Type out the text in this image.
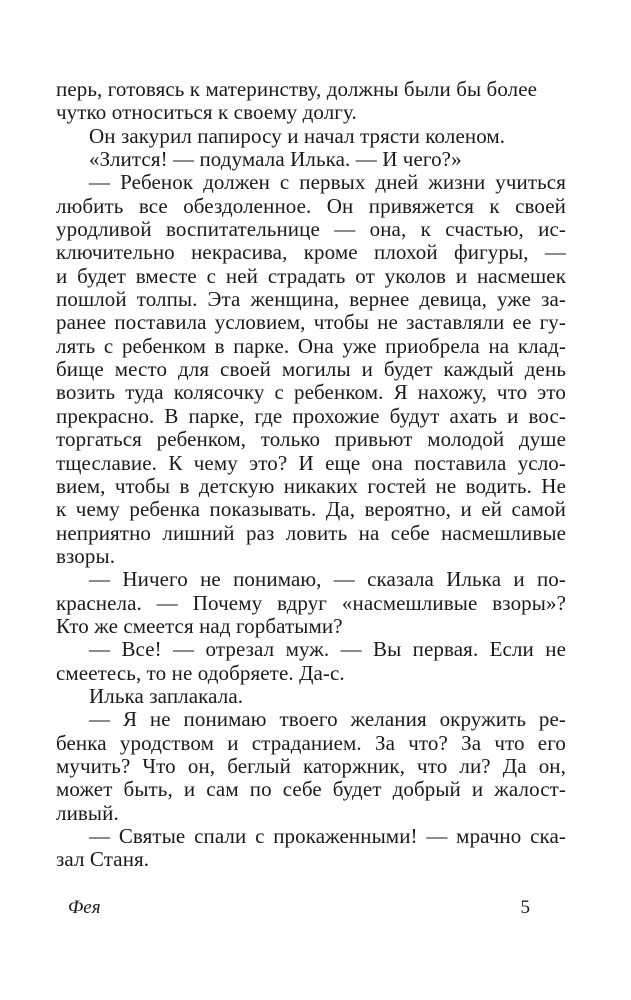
перь, готовясь к материнству, должны были бы более
чутко относиться к своему долгу.
Он закурил папиросу и начал трясти коленом.
«Злится! — подумала Илька. — И чего?»
— Ребенок должен с первых дней жизни учиться
любить все обездоленное. Он привяжется к своей
уродливой воспитательнице — она, к счастью, ис-
ключительно некрасива, кроме плохой фигуры, —
и будет вместе с ней страдать от уколов и насмешек
пошлой толпы. Эта женщина, вернее девица, уже за-
ранее поставила условием, чтобы не заставляли ее гу-
лять с ребенком в парке. Она уже приобрела на клад-
бище место для своей могилы и будет каждый день
возить туда колясочку с ребенком. Я нахожу, что это
прекрасно. В парке, где прохожие будут ахать и вос-
торгаться ребенком, только привьют молодой душе
тщеславие. К чему это? И еще она поставила усло-
вием, чтобы в детскую никаких гостей не водить. Не
к чему ребенка показывать. Да, вероятно, и ей самой
неприятно лишний раз ловить на себе насмешливые
взоры.
— Ничего не понимаю, — сказала Илька и по-
краснела. — Почему вдруг «насмешливые взоры»?
Кто же смеется над горбатыми?
— Все! — отрезал муж. — Вы первая. Если не
смеетесь, то не одобряете. Да-с.
Илька заплакала.
— Я не понимаю твоего желания окружить ре-
бенка уродством и страданием. За что? За что его
мучить? Что он, беглый каторжник, что ли? Да он,
может быть, и сам по себе будет добрый и жалост-
ливый.
— Святые спали с прокаженными! — мрачно ска-
зал Станя.
Фея	5
